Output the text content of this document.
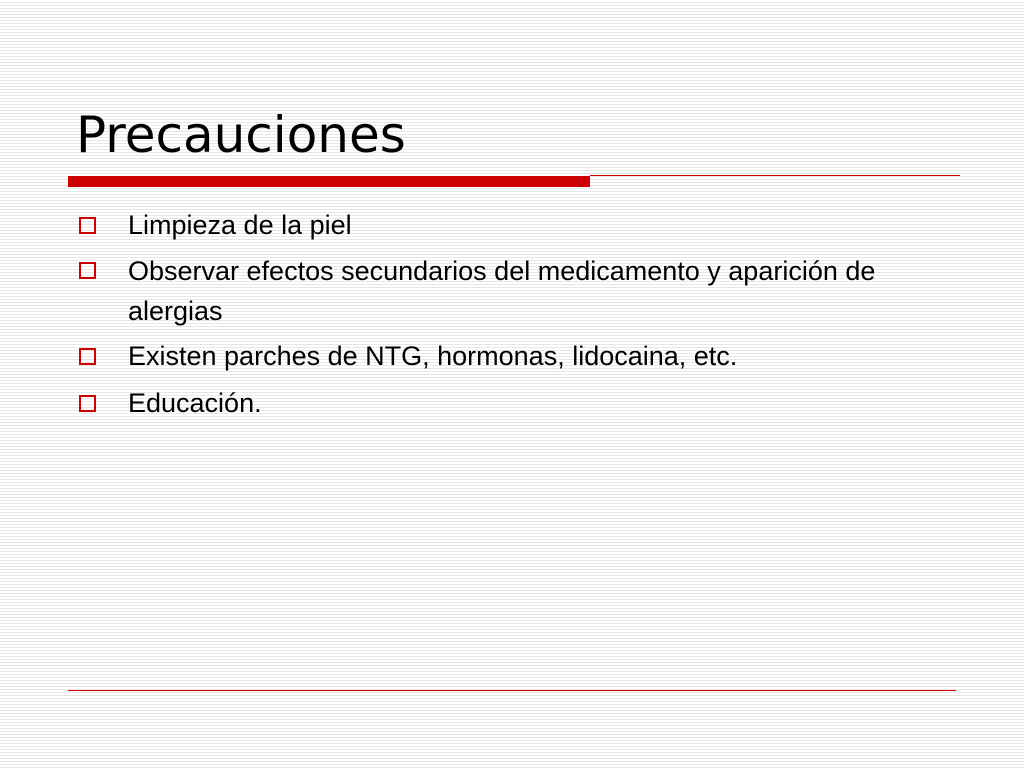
Precauciones
Limpieza de la piel
Observar efectos secundarios del medicamento y aparición de alergias
Existen parches de NTG, hormonas, lidocaina, etc.
Educación.
